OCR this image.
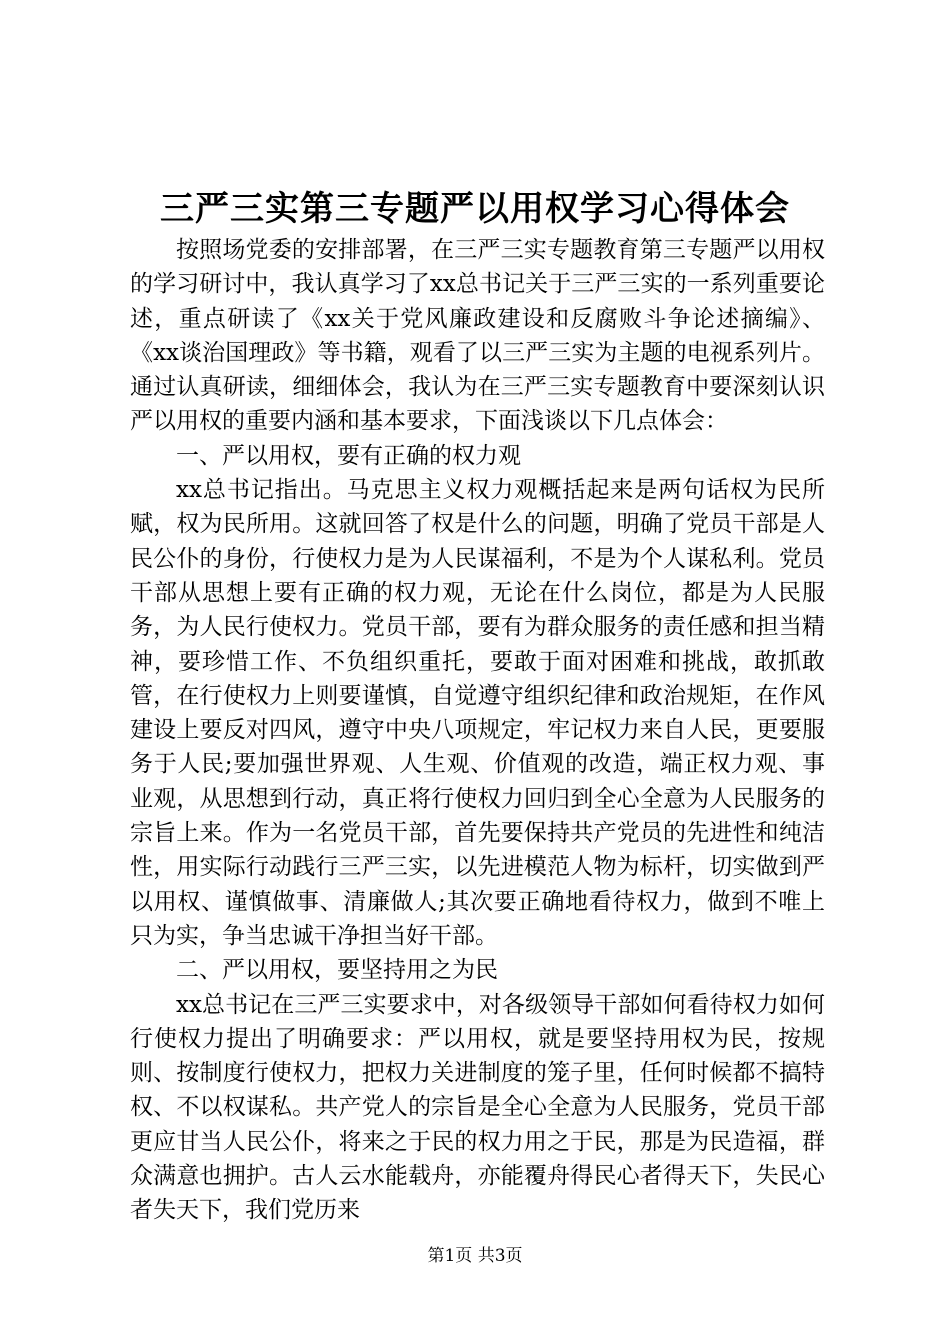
三严三实第三专题严以用权学习心得体会

按照场党委的安排部署，在三严三实专题教育第三专题严以用权的学习研讨中，我认真学习了xx总书记关于三严三实的一系列重要论述，重点研读了《xx关于党风廉政建设和反腐败斗争论述摘编》、《xx谈治国理政》等书籍，观看了以三严三实为主题的电视系列片。通过认真研读，细细体会，我认为在三严三实专题教育中要深刻认识严以用权的重要内涵和基本要求，下面浅谈以下几点体会：

一、严以用权，要有正确的权力观

xx总书记指出。马克思主义权力观概括起来是两句话权为民所赋，权为民所用。这就回答了权是什么的问题，明确了党员干部是人民公仆的身份，行使权力是为人民谋福利，不是为个人谋私利。党员干部从思想上要有正确的权力观，无论在什么岗位，都是为人民服务，为人民行使权力。党员干部，要有为群众服务的责任感和担当精神，要珍惜工作、不负组织重托，要敢于面对困难和挑战，敢抓敢管，在行使权力上则要谨慎，自觉遵守组织纪律和政治规矩，在作风建设上要反对四风，遵守中央八项规定，牢记权力来自人民，更要服务于人民;要加强世界观、人生观、价值观的改造，端正权力观、事业观，从思想到行动，真正将行使权力回归到全心全意为人民服务的宗旨上来。作为一名党员干部，首先要保持共产党员的先进性和纯洁性，用实际行动践行三严三实，以先进模范人物为标杆，切实做到严以用权、谨慎做事、清廉做人;其次要正确地看待权力，做到不唯上只为实，争当忠诚干净担当好干部。

二、严以用权，要坚持用之为民

xx总书记在三严三实要求中，对各级领导干部如何看待权力如何行使权力提出了明确要求：严以用权，就是要坚持用权为民，按规则、按制度行使权力，把权力关进制度的笼子里，任何时候都不搞特权、不以权谋私。共产党人的宗旨是全心全意为人民服务，党员干部更应甘当人民公仆，将来之于民的权力用之于民，那是为民造福，群众满意也拥护。古人云水能载舟，亦能覆舟得民心者得天下，失民心者失天下，我们党历来

第1页 共3页
